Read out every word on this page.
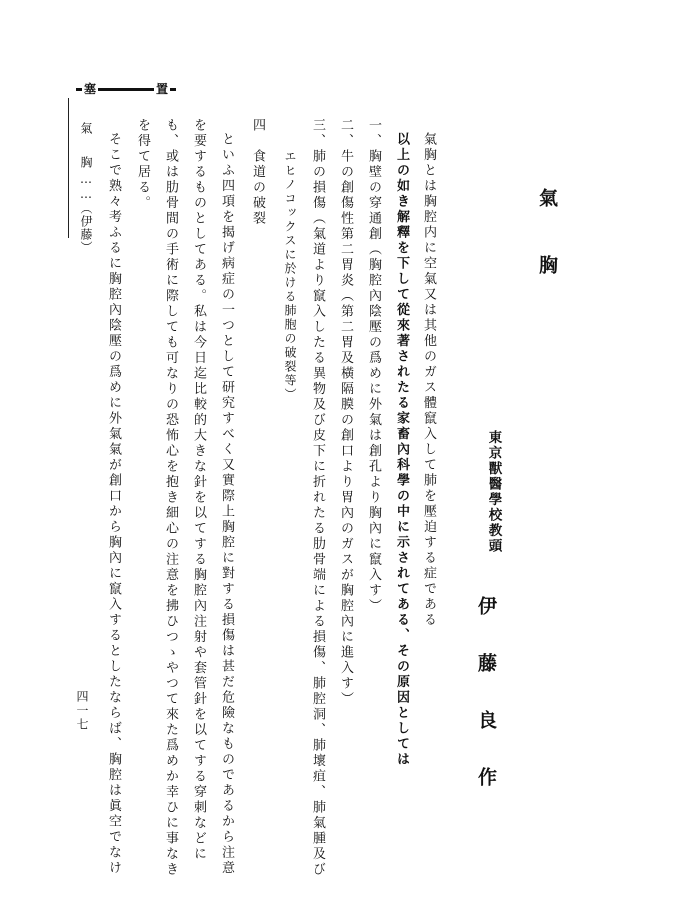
塞	置
氣　胸
……（伊藤）
四一七
氣胸
東京獸醫學校教頭
伊藤良作
氣胸とは胸腔内に空氣又は其他のガス體竄入して肺を壓迫する症である
以上の如き解釋を下して從來著されたる家畜內科學の中に示されてある、その原因としては
一、胸壁の穿通創（胸腔內陰壓の爲めに外氣は創孔より胸內に竄入す）
二、牛の創傷性第二胃炎（第二胃及橫隔膜の創口より胃內のガスが胸腔內に進入す）
三、肺の損傷（氣道より竄入したる異物及び皮下に折れたる肋骨端による損傷、肺腔洞、肺壞疽、肺氣腫及び
エヒノコックスに於ける肺胞の破裂等）
四　食道の破裂
といふ四項を揭げ病症の一つとして研究すべく又實際上胸腔に對する損傷は甚だ危險なものであるから注意
を要するものとしてある。私は今日迄比較的大きな針を以てする胸腔內注射や套管針を以てする穿刺などに
も、或は肋骨間の手術に際しても可なりの恐怖心を抱き細心の注意を拂ひつゝやつて來た爲めか幸ひに事なき
を得て居る。
そこで熟々考ふるに胸腔內陰壓の爲めに外氣氣が創口から胸內に竄入するとしたならば、胸腔は眞空でなけ
